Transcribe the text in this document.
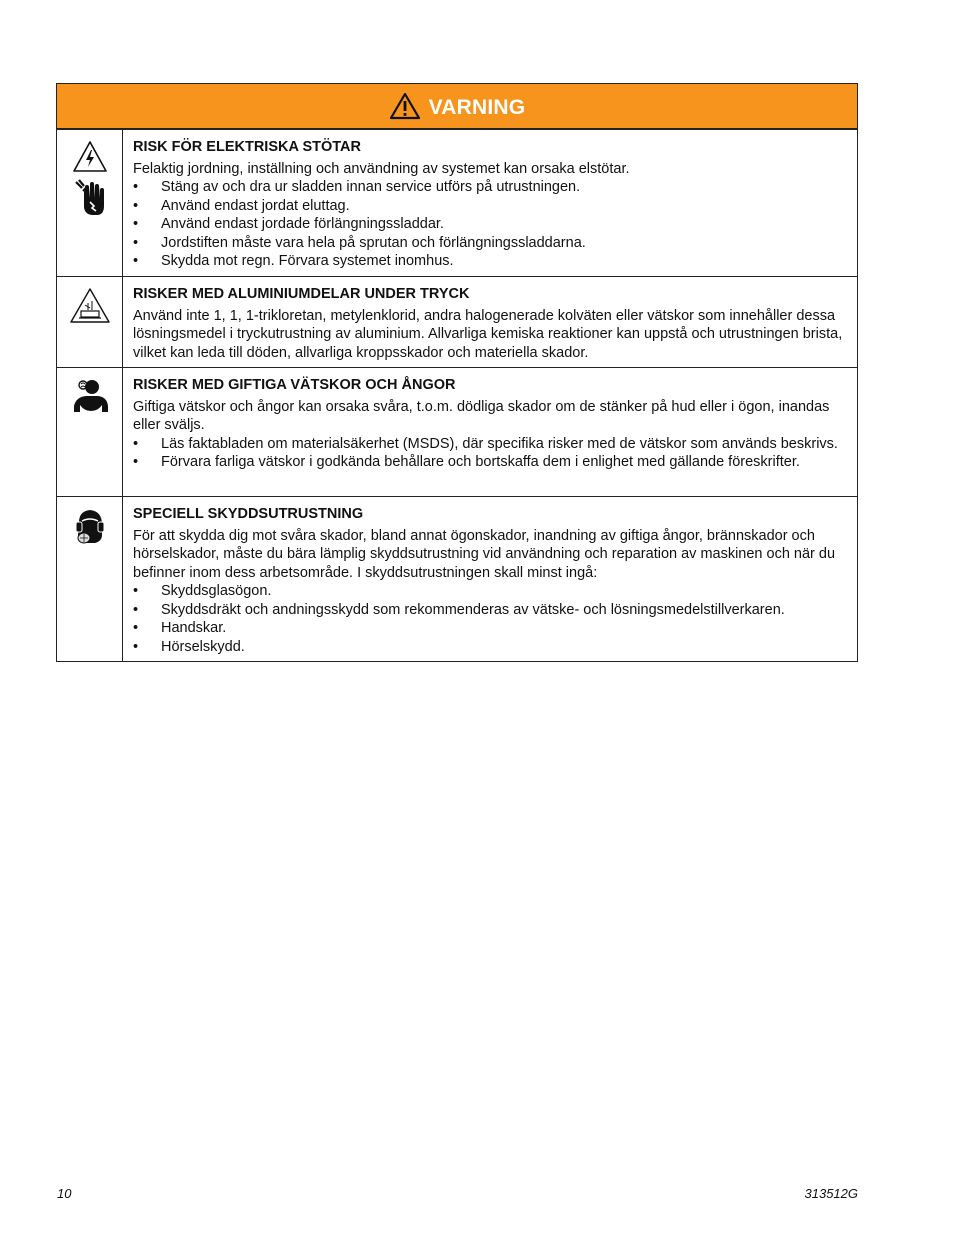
VARNING
RISK FÖR ELEKTRISKA STÖTAR

Felaktig jordning, inställning och användning av systemet kan orsaka elstötar.

• Stäng av och dra ur sladden innan service utförs på utrustningen.
• Använd endast jordat eluttag.
• Använd endast jordade förlängningssladdar.
• Jordstiften måste vara hela på sprutan och förlängningssladdarna.
• Skydda mot regn. Förvara systemet inomhus.
RISKER MED ALUMINIUMDELAR UNDER TRYCK

Använd inte 1, 1, 1-trikloretan, metylenklorid, andra halogenerade kolväten eller vätskor som innehåller dessa lösningsmedel i tryckutrustning av aluminium. Allvarliga kemiska reaktioner kan uppstå och utrustningen brista, vilket kan leda till döden, allvarliga kroppsskador och materiella skador.

RISKER MED GIFTIGA VÄTSKOR OCH ÅNGOR

Giftiga vätskor och ångor kan orsaka svåra, t.o.m. dödliga skador om de stänker på hud eller i ögon, inandas eller sväljs.

• Läs faktabladen om materialsäkerhet (MSDS), där specifika risker med de vätskor som används beskrivs.
• Förvara farliga vätskor i godkända behållare och bortskaffa dem i enlighet med gällande föreskrifter.
SPECIELL SKYDDSUTRUSTNING

För att skydda dig mot svåra skador, bland annat ögonskador, inandning av giftiga ångor, brännskador och hörselskador, måste du bära lämplig skyddsutrustning vid användning och reparation av maskinen och när du befinner inom dess arbetsområde. I skyddsutrustningen skall minst ingå:

• Skyddsglasögon.
• Skyddsdräkt och andningsskydd som rekommenderas av vätske- och lösningsmedelstillverkaren.
• Handskar.
• Hörselskydd.
10	313512G
